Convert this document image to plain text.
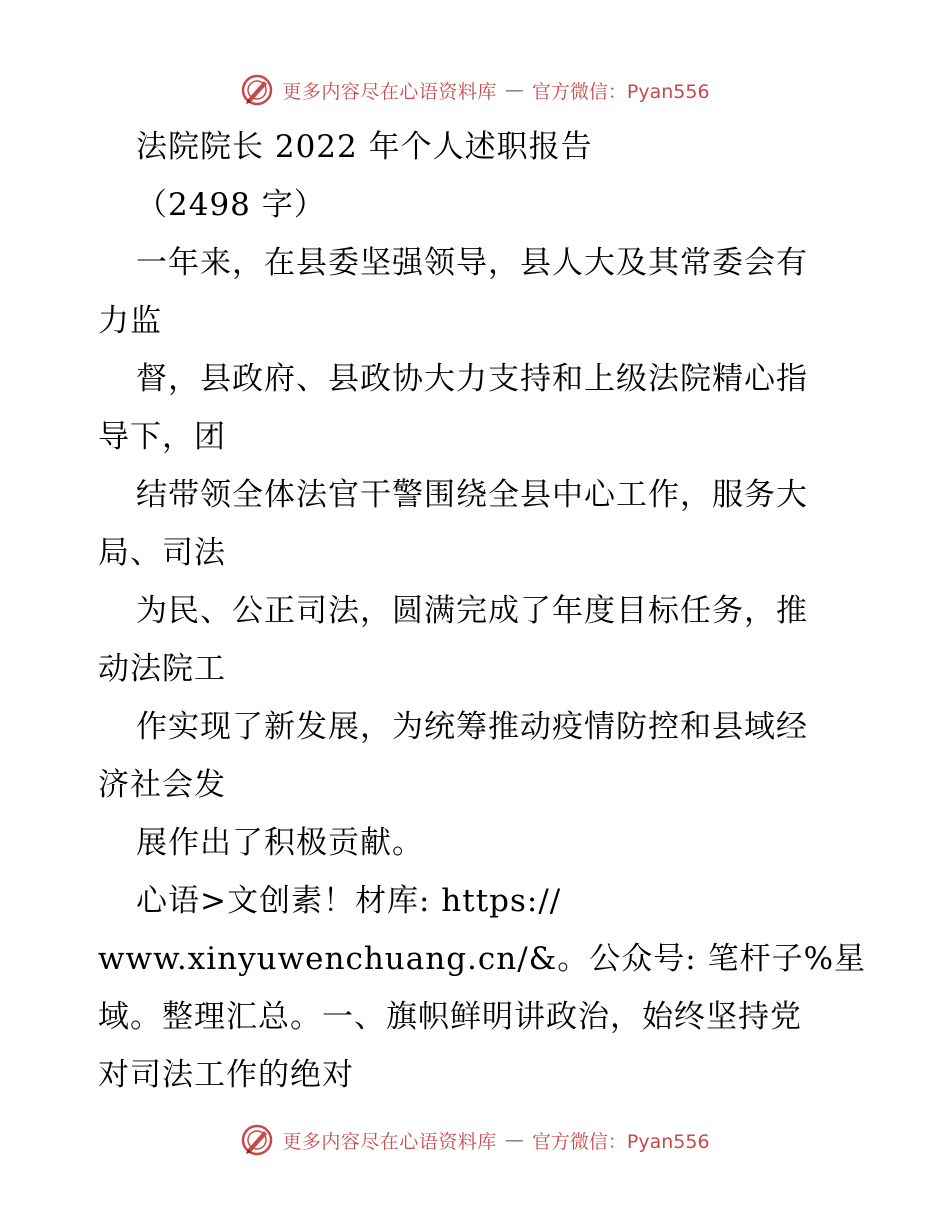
更多内容尽在心语资料库 — 官方微信：Pyan556
法院院长 2022 年个人述职报告
（2498 字）
一年来，在县委坚强领导，县人大及其常委会有
力监
督，县政府、县政协大力支持和上级法院精心指
导下，团
结带领全体法官干警围绕全县中心工作，服务大
局、司法
为民、公正司法，圆满完成了年度目标任务，推
动法院工
作实现了新发展，为统筹推动疫情防控和县域经
济社会发
展作出了积极贡献。
心语>文创素！材库: https://
www.xinyuwenchuang.cn/&。公众号: 笔杆子%星
域。整理汇总。一、旗帜鲜明讲政治，始终坚持党
对司法工作的绝对
更多内容尽在心语资料库 — 官方微信：Pyan556
